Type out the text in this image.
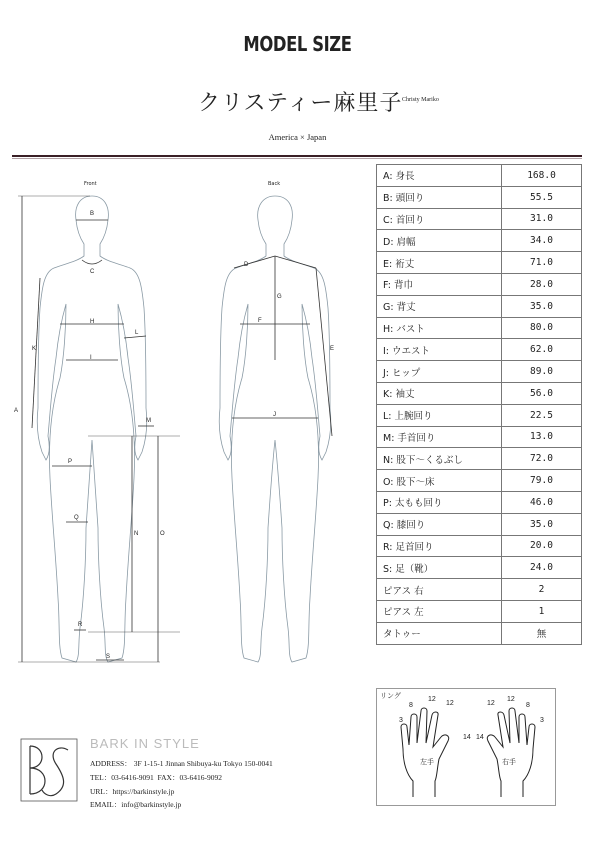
MODEL SIZE
クリスティー麻里子 Christy Mariko
America × Japan
Front	Back
A
B
C
H
I
K
L
M
N	O
P
Q
R
S
D
E
F
G
J
A: 身長	168.0
B: 頭回り	55.5
C: 首回り	31.0
D: 肩幅	34.0
E: 裄丈	71.0
F: 背巾	28.0
G: 背丈	35.0
H: バスト	80.0
I: ウエスト	62.0
J: ヒップ	89.0
K: 袖丈	56.0
L: 上腕回り	22.5
M: 手首回り	13.0
N: 股下〜くるぶし	72.0
O: 股下〜床	79.0
P: 太もも回り	46.0
Q: 膝回り	35.0
R: 足首回り	20.0
S: 足（靴）	24.0
ピアス 右	2
ピアス 左	1
タトゥー	無
リング
3
8
12
12
14
左手
14
12
12
8
3
右手
BARK IN STYLE
ADDRESS： 3F 1-15-1 Jinnan Shibuya-ku Tokyo 150-0041
TEL：03-6416-9091 FAX：03-6416-9092
URL：https://barkinstyle.jp
EMAIL：info@barkinstyle.jp
